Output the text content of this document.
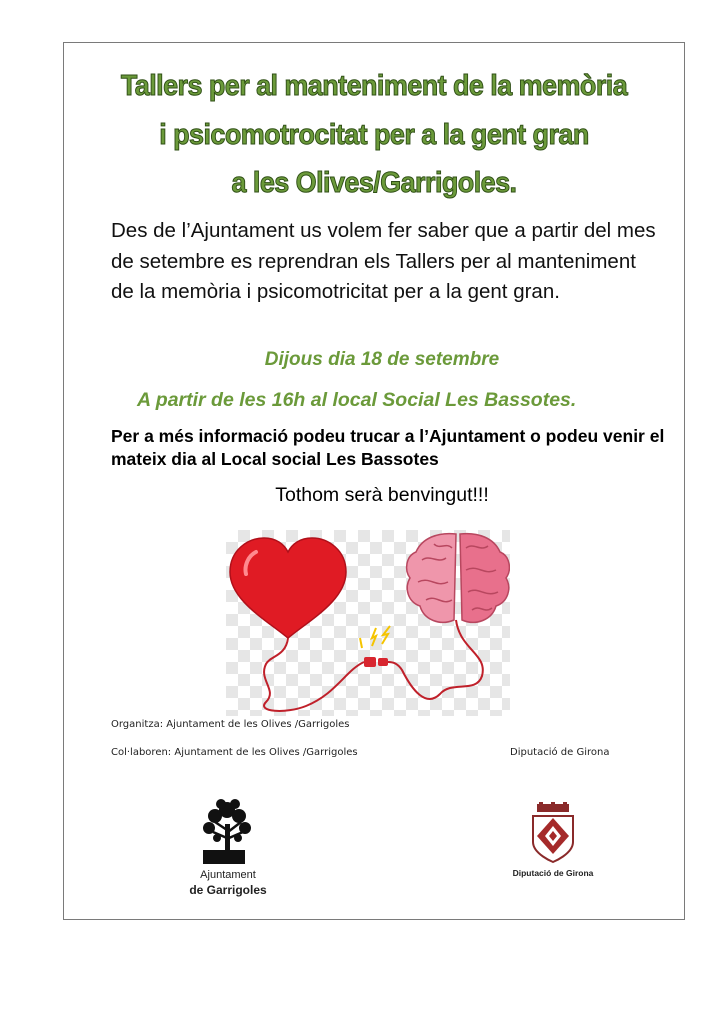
Tallers per al manteniment de la memòria
i psicomotrocitat per a la gent gran
a les Olives/Garrigoles.
Des de l’Ajuntament us volem fer saber que a partir del mes de setembre es reprendran els Tallers per al manteniment de la memòria i psicomotricitat per a la gent gran.
Dijous dia 18 de setembre
A partir de les 16h al local Social Les Bassotes.
Per a més informació podeu trucar a l’Ajuntament o podeu venir el mateix dia al Local social Les Bassotes
Tothom serà benvingut!!!
Organitza: Ajuntament de les Olives /Garrigoles
Col·laboren: Ajuntament de les Olives /Garrigoles	Diputació de Girona
Ajuntament
de Garrigoles
Diputació de Girona
